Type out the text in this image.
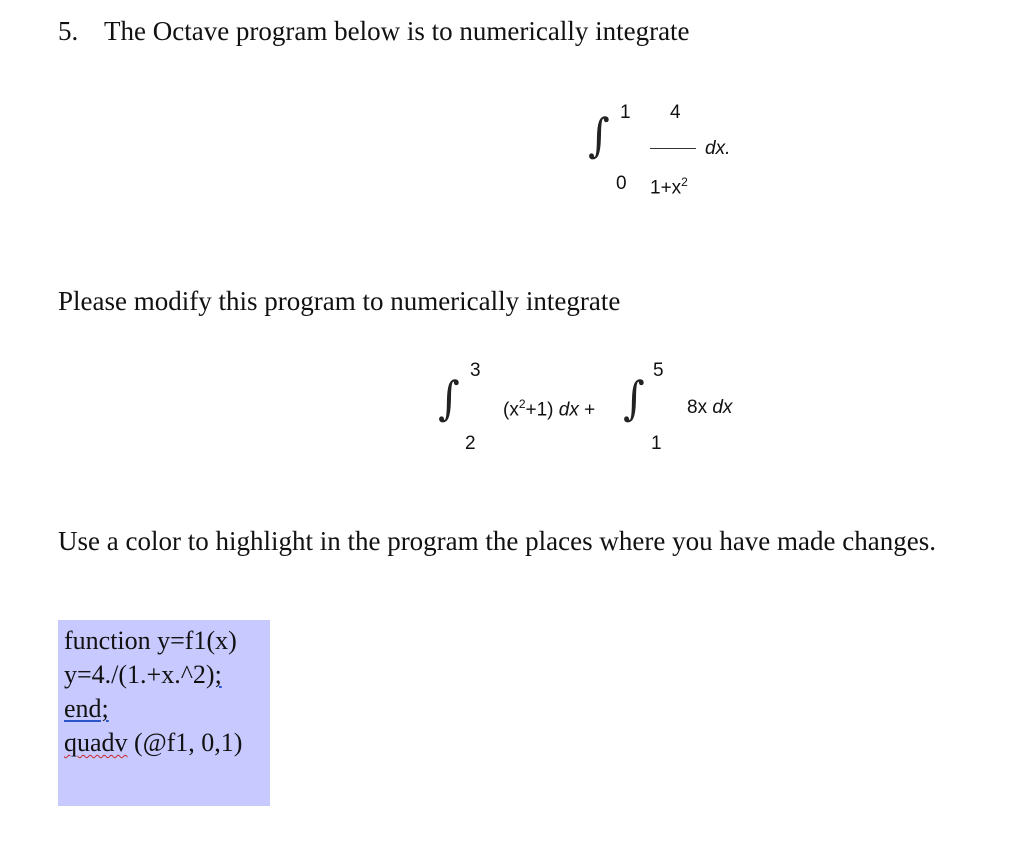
5. The Octave program below is to numerically integrate
∫ 1
0
4
$1+x^2$
dx.
Please modify this program to numerically integrate
∫
3
2
$(x^2+1)$ dx + ∫
5
1
8x dx
Use a color to highlight in the program the places where you have made changes.
function y=f1(x)
y=4./(1.+x.^2);
end;
quadv (@f1, 0,1)
